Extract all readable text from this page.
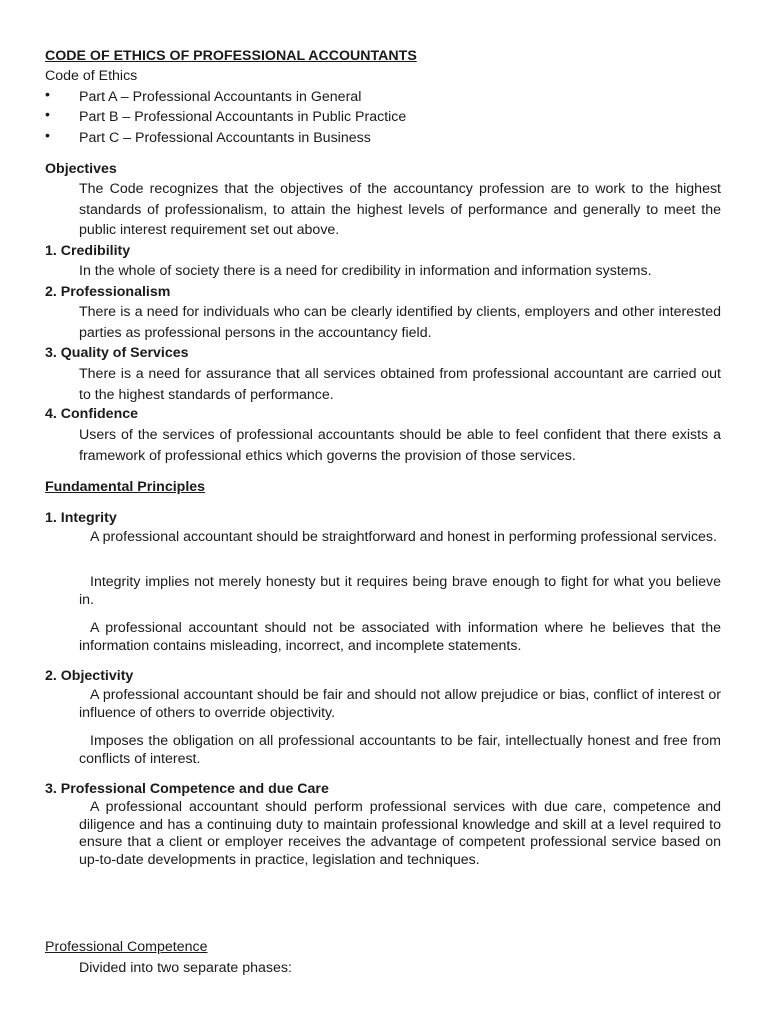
CODE OF ETHICS OF PROFESSIONAL ACCOUNTANTS
Code of Ethics
• Part A – Professional Accountants in General
• Part B – Professional Accountants in Public Practice
• Part C – Professional Accountants in Business
Objectives
The Code recognizes that the objectives of the accountancy profession are to work to the highest standards of professionalism, to attain the highest levels of performance and generally to meet the public interest requirement set out above.
1. Credibility
In the whole of society there is a need for credibility in information and information systems.
2. Professionalism
There is a need for individuals who can be clearly identified by clients, employers and other interested parties as professional persons in the accountancy field.
3. Quality of Services
There is a need for assurance that all services obtained from professional accountant are carried out to the highest standards of performance.
4. Confidence
Users of the services of professional accountants should be able to feel confident that there exists a framework of professional ethics which governs the provision of those services.
Fundamental Principles
1. Integrity
A professional accountant should be straightforward and honest in performing professional services.
Integrity implies not merely honesty but it requires being brave enough to fight for what you believe in.
A professional accountant should not be associated with information where he believes that the information contains misleading, incorrect, and incomplete statements.
2. Objectivity
A professional accountant should be fair and should not allow prejudice or bias, conflict of interest or influence of others to override objectivity.
Imposes the obligation on all professional accountants to be fair, intellectually honest and free from conflicts of interest.
3. Professional Competence and due Care
A professional accountant should perform professional services with due care, competence and diligence and has a continuing duty to maintain professional knowledge and skill at a level required to ensure that a client or employer receives the advantage of competent professional service based on up-to-date developments in practice, legislation and techniques.
Professional Competence
Divided into two separate phases:
